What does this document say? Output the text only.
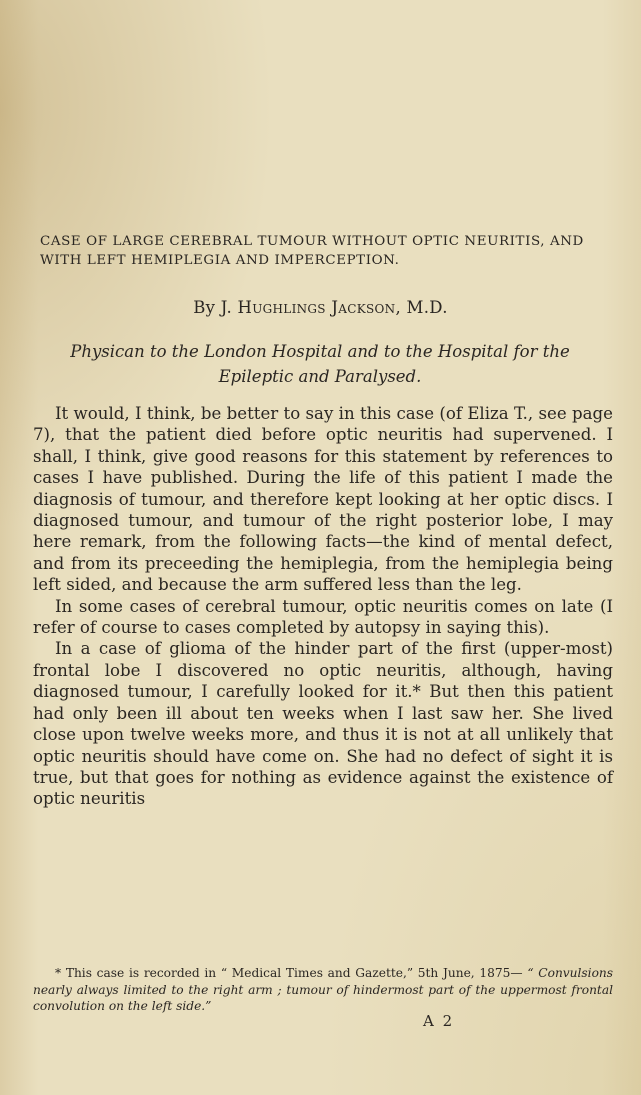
CASE OF LARGE CEREBRAL TUMOUR WITHOUT OPTIC NEURITIS, AND WITH LEFT HEMIPLEGIA AND IMPERCEPTION.
By J. Hughlings Jackson, M.D.
Physican to the London Hospital and to the Hospital for the Epileptic and Paralysed.

It would, I think, be better to say in this case (of Eliza T., see page 7), that the patient died before optic neuritis had supervened. I shall, I think, give good reasons for this statement by references to cases I have published. During the life of this patient I made the diagnosis of tumour, and therefore kept looking at her optic discs. I diagnosed tumour, and tumour of the right posterior lobe, I may here remark, from the following facts—the kind of mental defect, and from its preceeding the hemiplegia, from the hemiplegia being left sided, and because the arm suffered less than the leg.

In some cases of cerebral tumour, optic neuritis comes on late (I refer of course to cases completed by autopsy in saying this).

In a case of glioma of the hinder part of the first (upper-most) frontal lobe I discovered no optic neuritis, although, having diagnosed tumour, I carefully looked for it.* But then this patient had only been ill about ten weeks when I last saw her. She lived close upon twelve weeks more, and thus it is not at all unlikely that optic neuritis should have come on. She had no defect of sight it is true, but that goes for nothing as evidence against the existence of optic neuritis

* This case is recorded in “ Medical Times and Gazette,” 5th June, 1875— “ Convulsions nearly always limited to the right arm ; tumour of hindermost part of the uppermost frontal convolution on the left side.”

A 2
